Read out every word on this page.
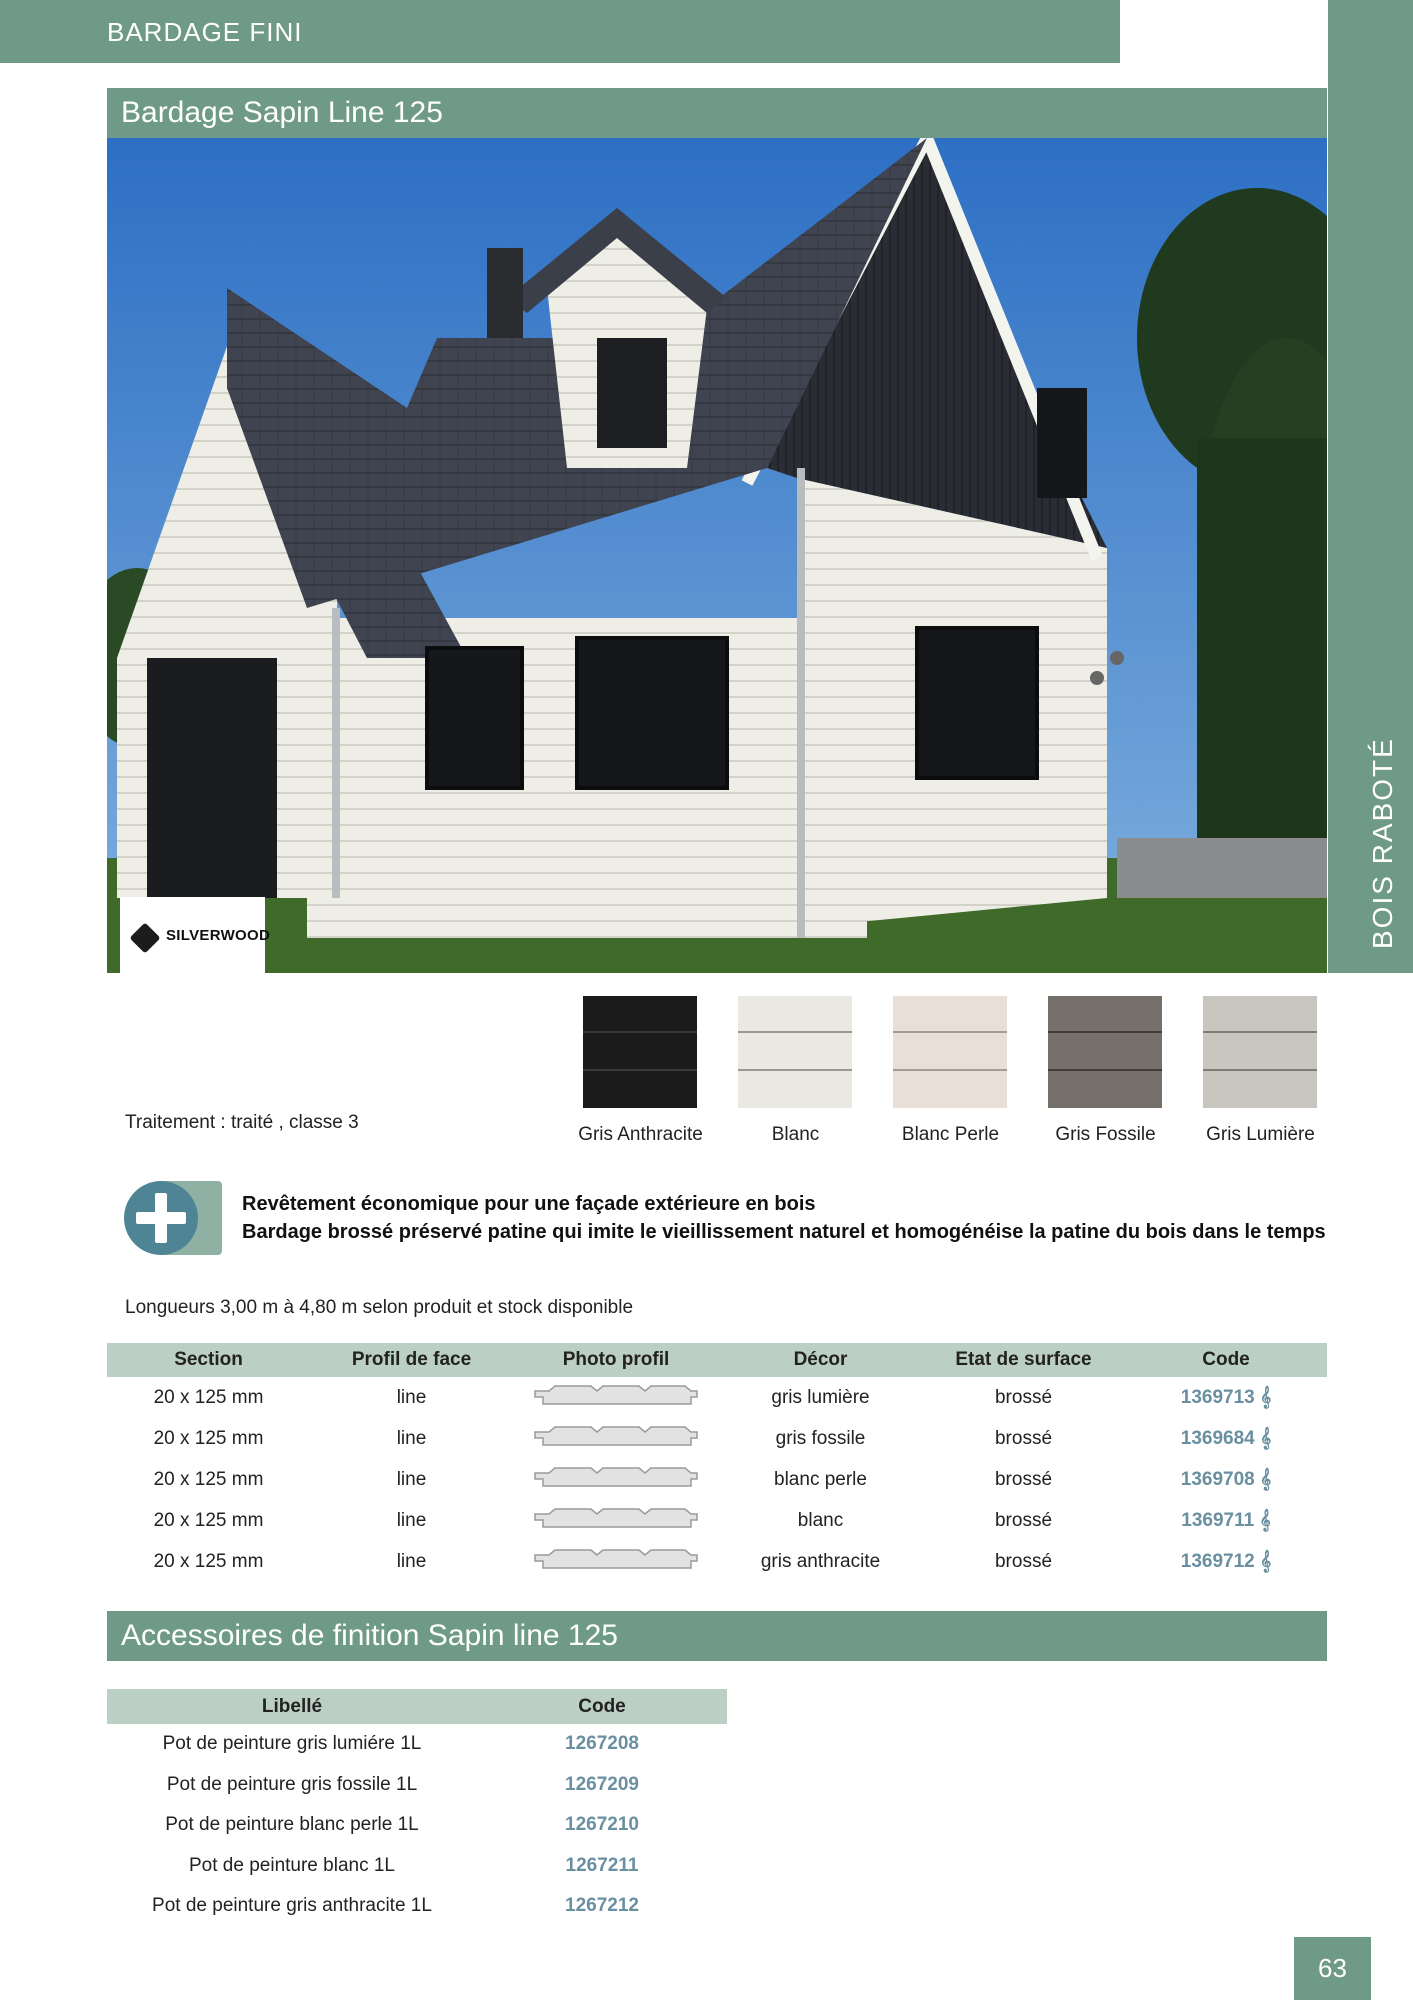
BARDAGE FINI
BOIS RABOTÉ
Bardage Sapin Line 125
SILVERWOOD
Traitement : traité , classe 3
Gris Anthracite	Blanc	Blanc Perle	Gris Fossile	Gris Lumière
Revêtement économique pour une façade extérieure en bois
Bardage brossé préservé patine qui imite le vieillissement naturel et homogénéise la patine du bois dans le temps
Longueurs 3,00 m à 4,80 m selon produit et stock disponible
Section	Profil de face	Photo profil	Décor	Etat de surface	Code
20 x 125 mm	line		gris lumière	brossé	1369713 𝄞
20 x 125 mm	line		gris fossile	brossé	1369684 𝄞
20 x 125 mm	line		blanc perle	brossé	1369708 𝄞
20 x 125 mm	line		blanc	brossé	1369711 𝄞
20 x 125 mm	line		gris anthracite	brossé	1369712 𝄞
Accessoires de finition Sapin line 125
Libellé	Code
Pot de peinture gris lumiére 1L	1267208
Pot de peinture gris fossile 1L	1267209
Pot de peinture blanc perle 1L	1267210
Pot de peinture blanc 1L	1267211
Pot de peinture gris anthracite 1L	1267212
63
